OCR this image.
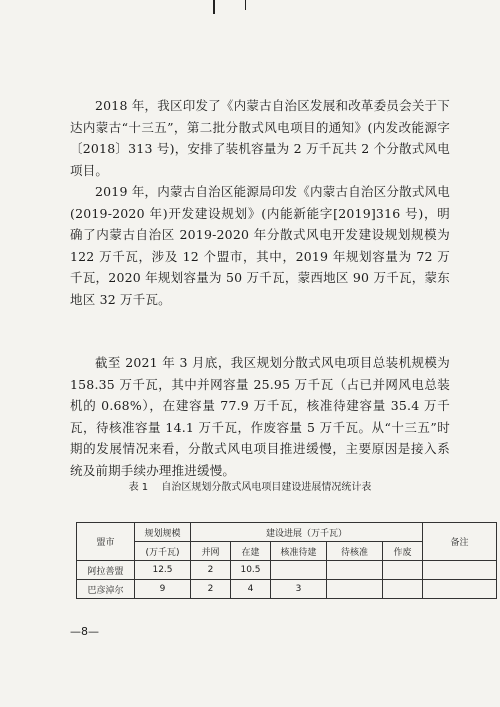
2018 年，我区印发了《内蒙古自治区发展和改革委员会关于下达内蒙古“十三五”，第二批分散式风电项目的通知》(内发改能源字〔2018〕313 号)，安排了装机容量为 2 万千瓦共 2 个分散式风电项目。

2019 年，内蒙古自治区能源局印发《内蒙古自治区分散式风电(2019-2020 年)开发建设规划》(内能新能字[2019]316 号)，明确了内蒙古自治区 2019-2020 年分散式风电开发建设规划规模为 122 万千瓦，涉及 12 个盟市，其中，2019 年规划容量为 72 万千瓦，2020 年规划容量为 50 万千瓦，蒙西地区 90 万千瓦，蒙东地区 32 万千瓦。

截至 2021 年 3 月底，我区规划分散式风电项目总装机规模为 158.35 万千瓦，其中并网容量 25.95 万千瓦（占已并网风电总装机的 0.68%），在建容量 77.9 万千瓦，核准待建容量 35.4 万千瓦，待核准容量 14.1 万千瓦，作废容量 5 万千瓦。从“十三五”时期的发展情况来看，分散式风电项目推进缓慢，主要原因是接入系统及前期手续办理推进缓慢。

表 1 自治区规划分散式风电项目建设进展情况统计表
盟市	规划规模	建设进展（万千瓦）					备注
	(万千瓦)	并网	在建	核准待建	待核准	作废	
阿拉善盟	12.5	2	10.5				
巴彦淖尔	9	2	4	3			
—8—
